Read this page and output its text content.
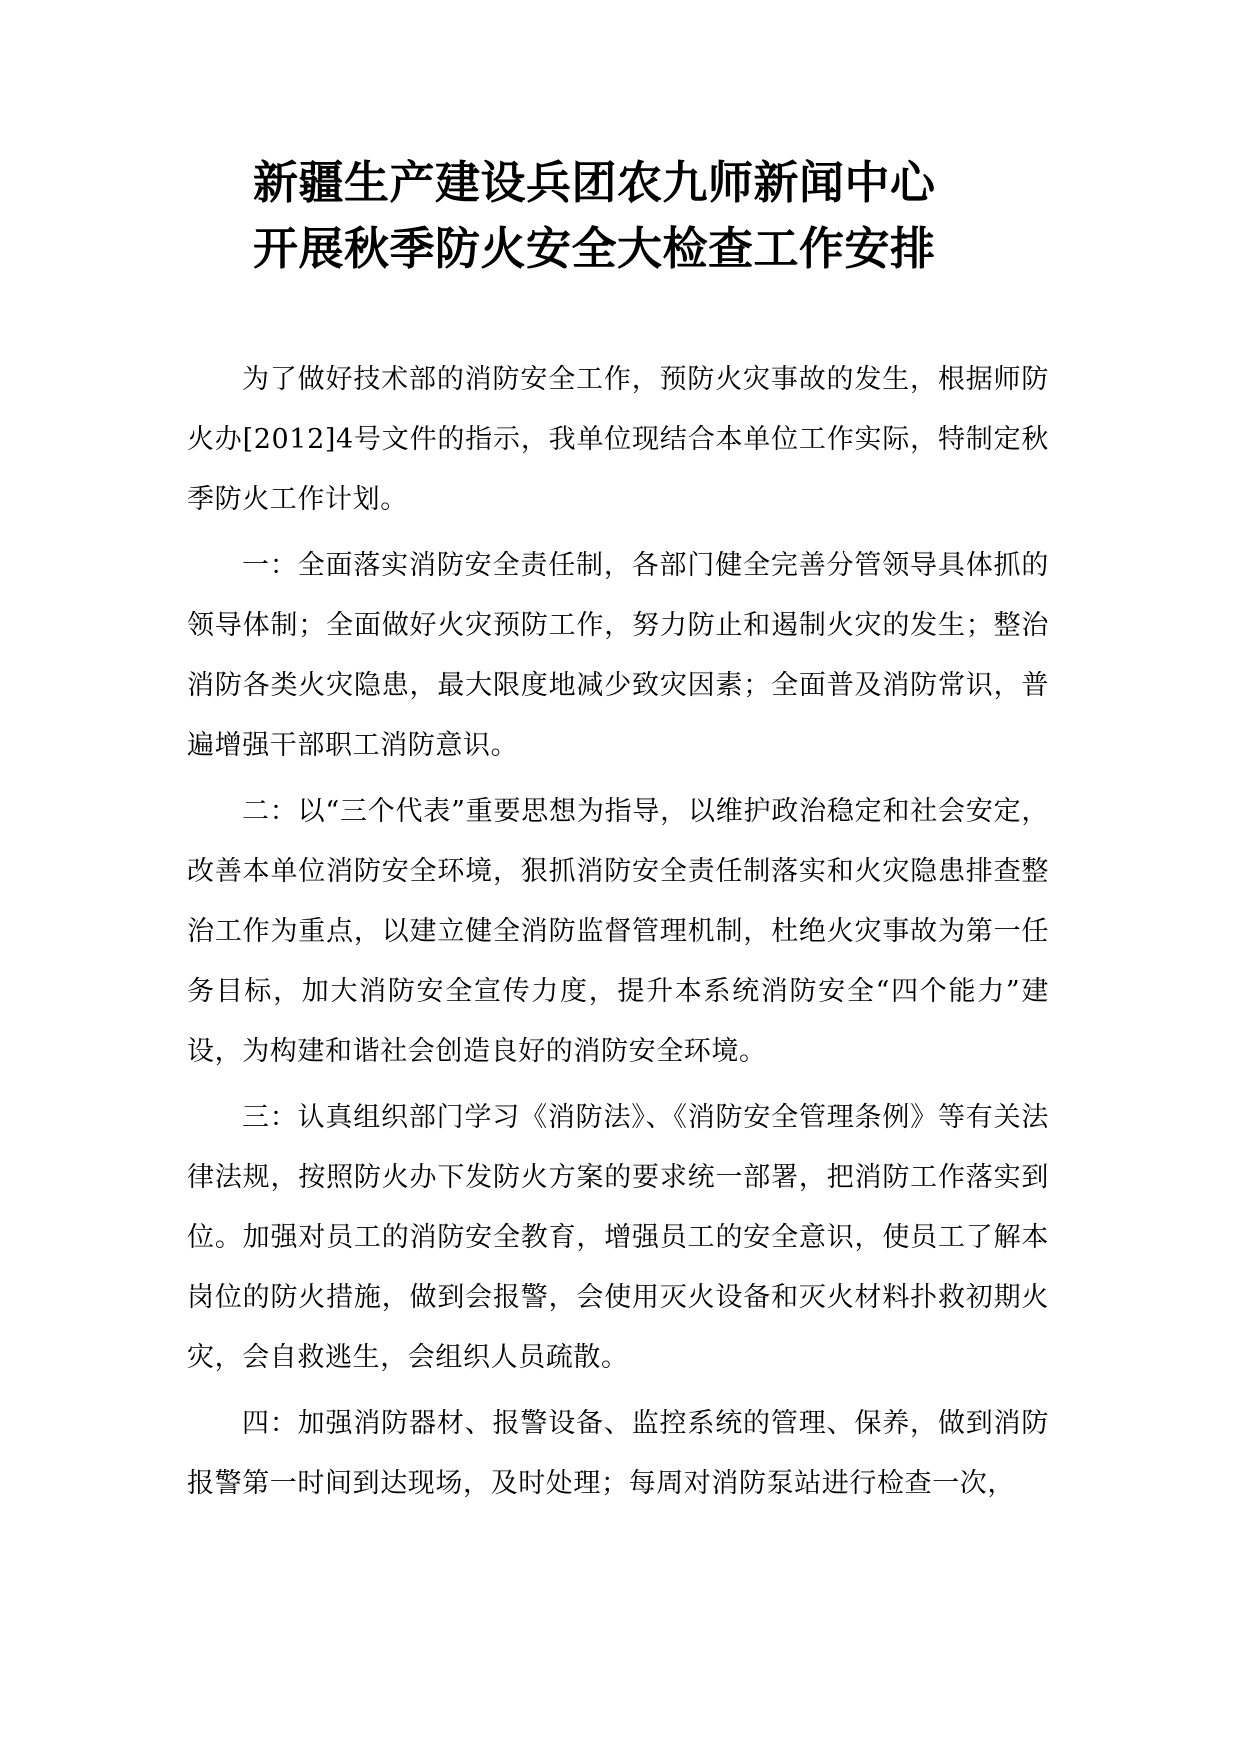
新疆生产建设兵团农九师新闻中心
开展秋季防火安全大检查工作安排

为了做好技术部的消防安全工作，预防火灾事故的发生，根据师防火办[2012]4号文件的指示，我单位现结合本单位工作实际，特制定秋季防火工作计划。

一：全面落实消防安全责任制，各部门健全完善分管领导具体抓的领导体制；全面做好火灾预防工作，努力防止和遏制火灾的发生；整治消防各类火灾隐患，最大限度地减少致灾因素；全面普及消防常识，普遍增强干部职工消防意识。

二：以“三个代表”重要思想为指导，以维护政治稳定和社会安定，改善本单位消防安全环境，狠抓消防安全责任制落实和火灾隐患排查整治工作为重点，以建立健全消防监督管理机制，杜绝火灾事故为第一任务目标，加大消防安全宣传力度，提升本系统消防安全“四个能力”建设，为构建和谐社会创造良好的消防安全环境。

三：认真组织部门学习《消防法》、《消防安全管理条例》等有关法律法规，按照防火办下发防火方案的要求统一部署，把消防工作落实到位。加强对员工的消防安全教育，增强员工的安全意识，使员工了解本岗位的防火措施，做到会报警，会使用灭火设备和灭火材料扑救初期火灾，会自救逃生，会组织人员疏散。

四：加强消防器材、报警设备、监控系统的管理、保养，做到消防报警第一时间到达现场，及时处理；每周对消防泵站进行检查一次，
